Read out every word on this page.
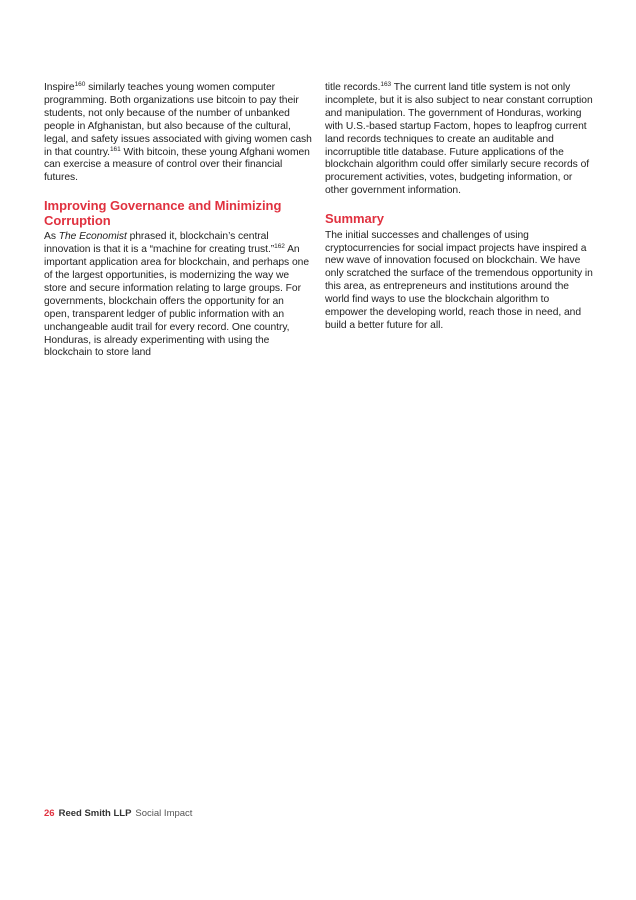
Inspire$^{160}$ similarly teaches young women computer programming. Both organizations use bitcoin to pay their students, not only because of the number of unbanked people in Afghanistan, but also because of the cultural, legal, and safety issues associated with giving women cash in that country.$^{161}$ With bitcoin, these young Afghani women can exercise a measure of control over their financial futures.

Improving Governance and Minimizing Corruption

As The Economist phrased it, blockchain’s central innovation is that it is a “machine for creating trust.”$^{162}$ An important application area for blockchain, and perhaps one of the largest opportunities, is modernizing the way we store and secure information relating to large groups. For governments, blockchain offers the opportunity for an open, transparent ledger of public information with an unchangeable audit trail for every record. One country, Honduras, is already experimenting with using the blockchain to store land

title records.$^{163}$ The current land title system is not only incomplete, but it is also subject to near constant corruption and manipulation. The government of Honduras, working with U.S.-based startup Factom, hopes to leapfrog current land records techniques to create an auditable and incorruptible title database. Future applications of the blockchain algorithm could offer similarly secure records of procurement activities, votes, budgeting information, or other government information.

Summary

The initial successes and challenges of using cryptocurrencies for social impact projects have inspired a new wave of innovation focused on blockchain. We have only scratched the surface of the tremendous opportunity in this area, as entrepreneurs and institutions around the world find ways to use the blockchain algorithm to empower the developing world, reach those in need, and build a better future for all.

26 Reed Smith LLP Social Impact
